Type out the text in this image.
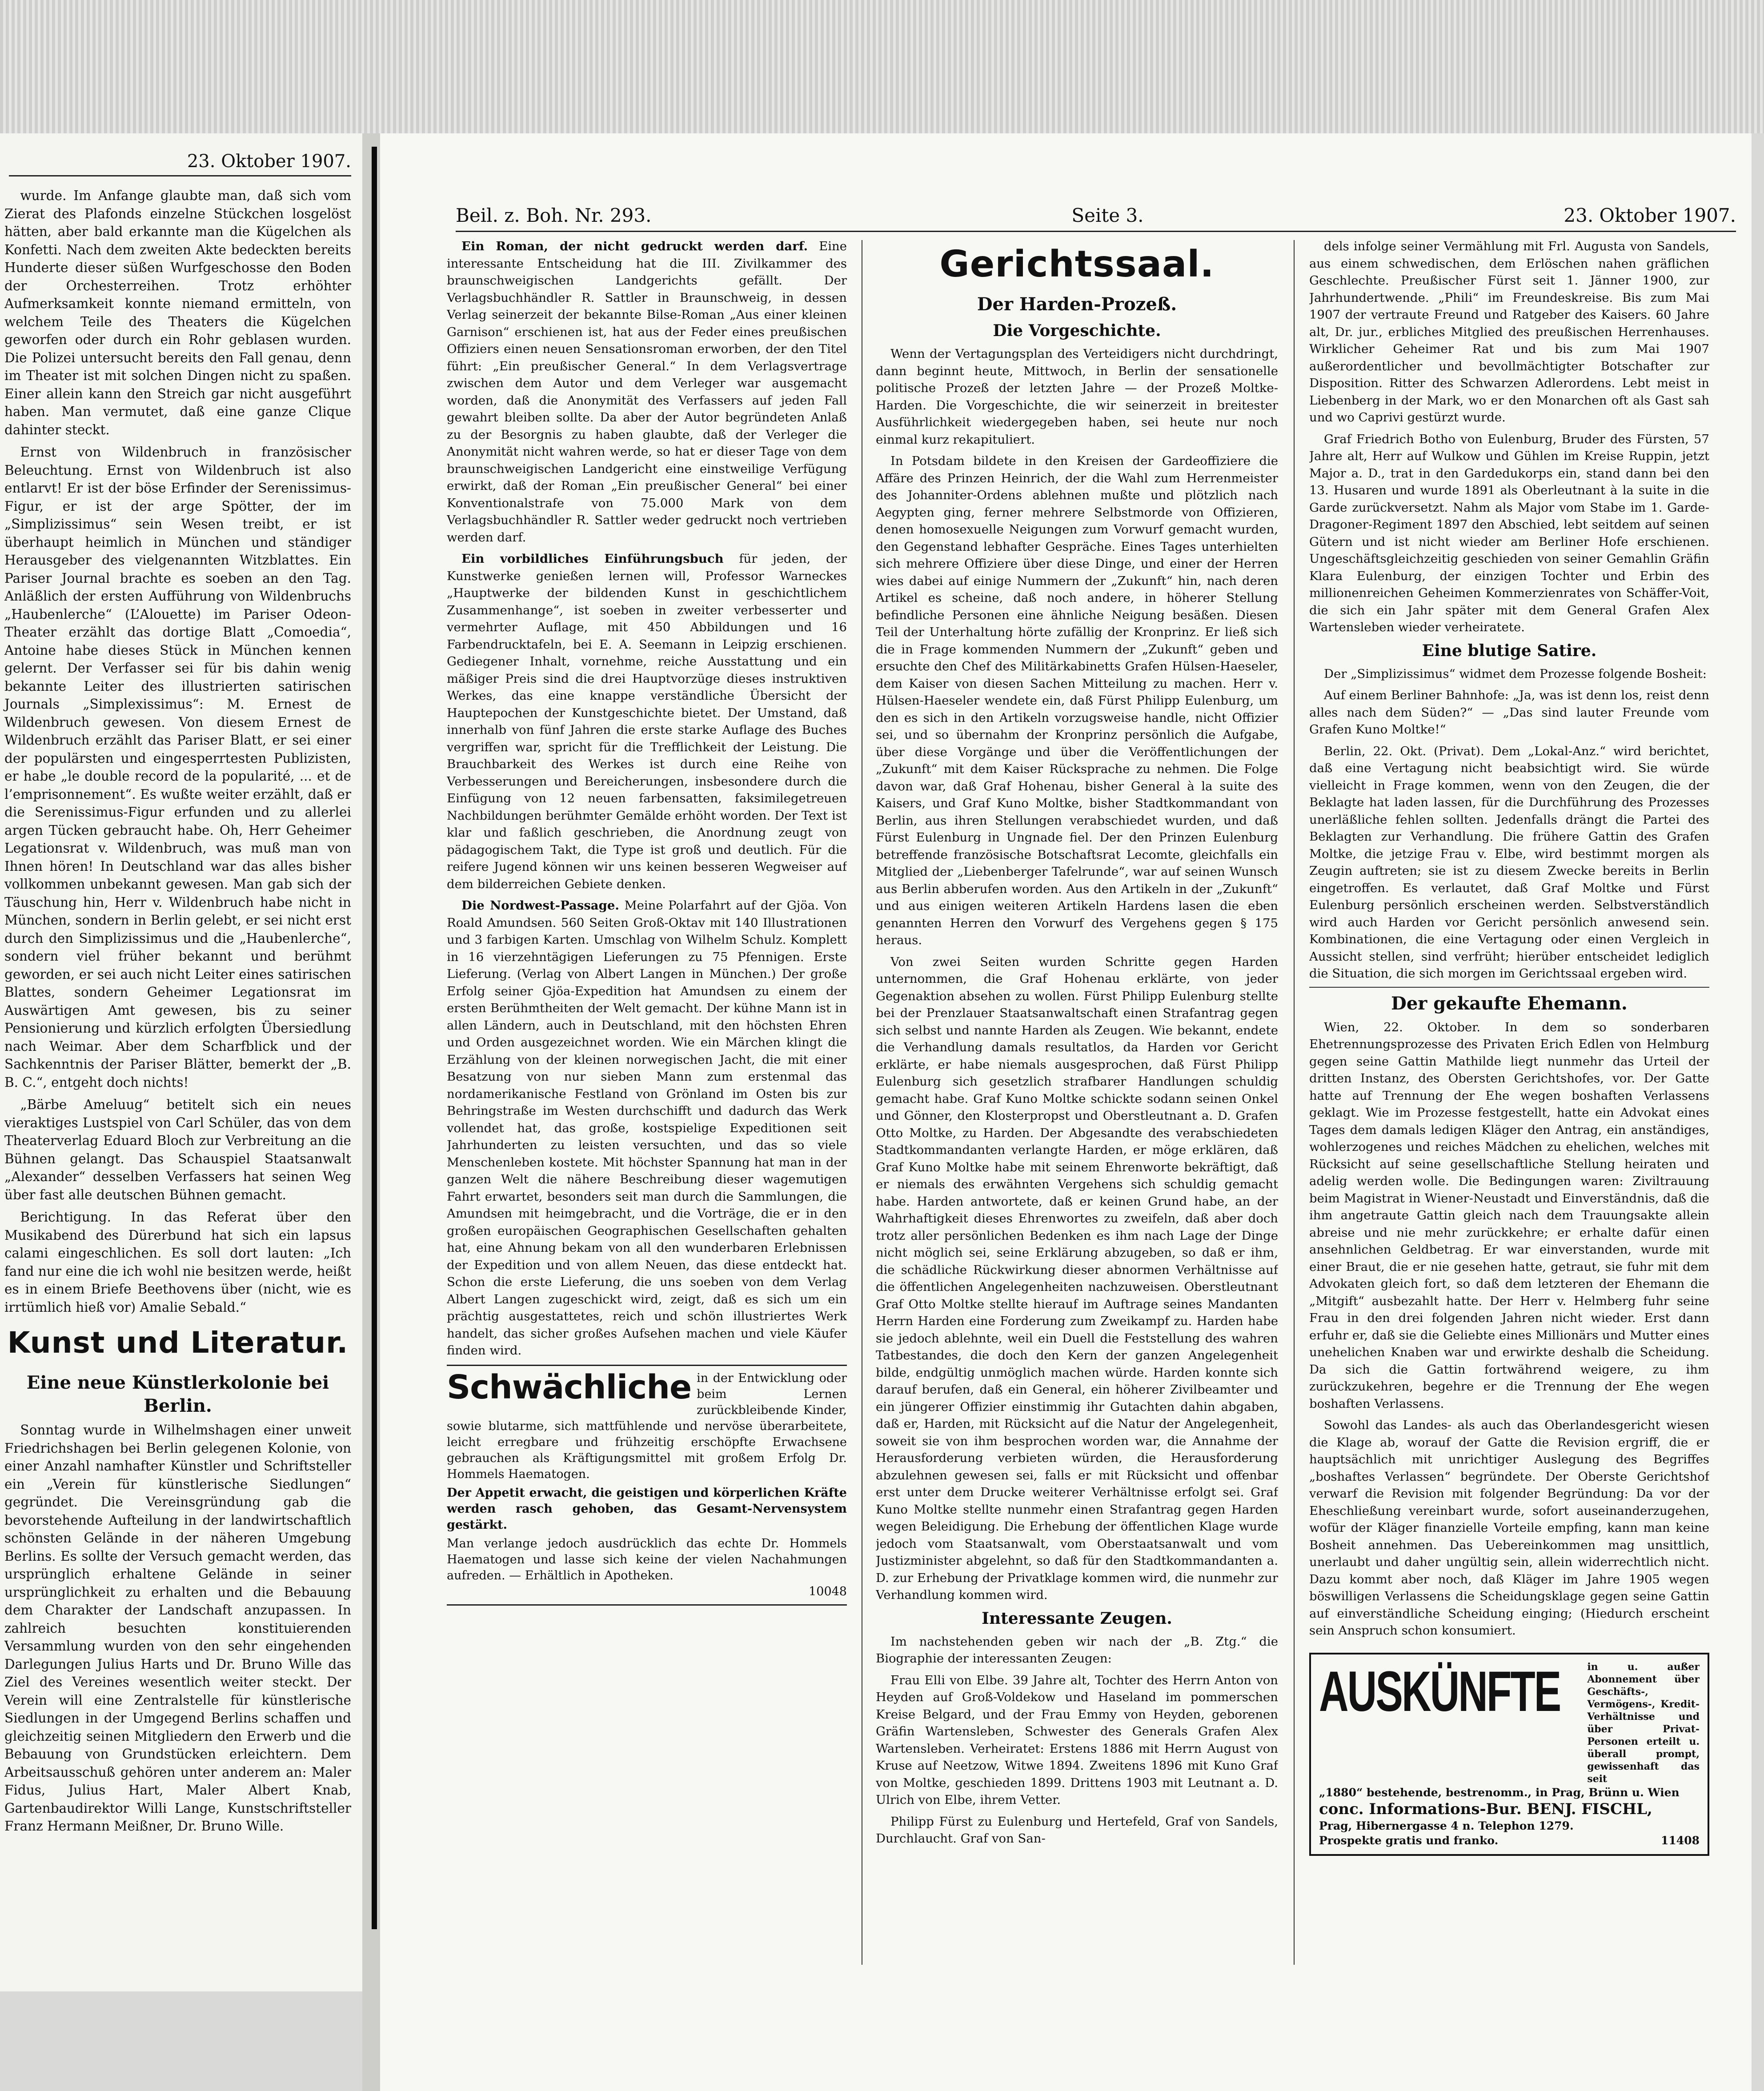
23. Oktober 1907.

wurde. Im Anfange glaubte man, daß sich vom Zierat des Plafonds einzelne Stückchen losgelöst hätten, aber bald erkannte man die Kügelchen als Konfetti. Nach dem zweiten Akte bedeckten bereits Hunderte dieser süßen Wurfgeschosse den Boden der Orchesterreihen. Trotz erhöhter Aufmerksamkeit konnte niemand ermitteln, von welchem Teile des Theaters die Kügelchen geworfen oder durch ein Rohr geblasen wurden. Die Polizei untersucht bereits den Fall genau, denn im Theater ist mit solchen Dingen nicht zu spaßen. Einer allein kann den Streich gar nicht ausgeführt haben. Man vermutet, daß eine ganze Clique dahinter steckt.

Ernst von Wildenbruch in französischer Beleuchtung. Ernst von Wildenbruch ist also entlarvt! Er ist der böse Erfinder der Serenissimus-Figur, er ist der arge Spötter, der im „Simplizissimus“ sein Wesen treibt, er ist überhaupt heimlich in München und ständiger Herausgeber des vielgenannten Witzblattes. Ein Pariser Journal brachte es soeben an den Tag. Anläßlich der ersten Aufführung von Wildenbruchs „Haubenlerche“ (L’Alouette) im Pariser Odeon-Theater erzählt das dortige Blatt „Comoedia“, Antoine habe dieses Stück in München kennen gelernt. Der Verfasser sei für bis dahin wenig bekannte Leiter des illustrierten satirischen Journals „Simplexissimus“: M. Ernest de Wildenbruch gewesen. Von diesem Ernest de Wildenbruch erzählt das Pariser Blatt, er sei einer der populärsten und eingesperrtesten Publizisten, er habe „le double record de la popularité, ... et de l’emprisonnement“. Es wußte weiter erzählt, daß er die Serenissimus-Figur erfunden und zu allerlei argen Tücken gebraucht habe. Oh, Herr Geheimer Legationsrat v. Wildenbruch, was muß man von Ihnen hören! In Deutschland war das alles bisher vollkommen unbekannt gewesen. Man gab sich der Täuschung hin, Herr v. Wildenbruch habe nicht in München, sondern in Berlin gelebt, er sei nicht erst durch den Simplizissimus und die „Haubenlerche“, sondern viel früher bekannt und berühmt geworden, er sei auch nicht Leiter eines satirischen Blattes, sondern Geheimer Legationsrat im Auswärtigen Amt gewesen, bis zu seiner Pensionierung und kürzlich erfolgten Übersiedlung nach Weimar. Aber dem Scharfblick und der Sachkenntnis der Pariser Blätter, bemerkt der „B. B. C.“, entgeht doch nichts!

„Bärbe Ameluug“ betitelt sich ein neues vieraktiges Lustspiel von Carl Schüler, das von dem Theaterverlag Eduard Bloch zur Verbreitung an die Bühnen gelangt. Das Schauspiel Staatsanwalt „Alexander“ desselben Verfassers hat seinen Weg über fast alle deutschen Bühnen gemacht.

Berichtigung. In das Referat über den Musikabend des Dürerbund hat sich ein lapsus calami eingeschlichen. Es soll dort lauten: „Ich fand nur eine die ich wohl nie besitzen werde, heißt es in einem Briefe Beethovens über (nicht, wie es irrtümlich hieß vor) Amalie Sebald.“

Kunst und Literatur.
Eine neue Künstlerkolonie bei Berlin.

Sonntag wurde in Wilhelmshagen einer unweit Friedrichshagen bei Berlin gelegenen Kolonie, von einer Anzahl namhafter Künstler und Schriftsteller ein „Verein für künstlerische Siedlungen“ gegründet. Die Vereinsgründung gab die bevorstehende Aufteilung in der landwirtschaftlich schönsten Gelände in der näheren Umgebung Berlins. Es sollte der Versuch gemacht werden, das ursprünglich erhaltene Gelände in seiner ursprünglichkeit zu erhalten und die Bebauung dem Charakter der Landschaft anzupassen. In zahlreich besuchten konstituierenden Versammlung wurden von den sehr eingehenden Darlegungen Julius Harts und Dr. Bruno Wille das Ziel des Vereines wesentlich weiter steckt. Der Verein will eine Zentralstelle für künstlerische Siedlungen in der Umgegend Berlins schaffen und gleichzeitig seinen Mitgliedern den Erwerb und die Bebauung von Grundstücken erleichtern. Dem Arbeitsausschuß gehören unter anderem an: Maler Fidus, Julius Hart, Maler Albert Knab, Gartenbaudirektor Willi Lange, Kunstschriftsteller Franz Hermann Meißner, Dr. Bruno Wille.

Beil. z. Boh. Nr. 293.	Seite 3.	23. Oktober 1907.

Ein Roman, der nicht gedruckt werden darf. Eine interessante Entscheidung hat die III. Zivilkammer des braunschweigischen Landgerichts gefällt. Der Verlagsbuchhändler R. Sattler in Braunschweig, in dessen Verlag seinerzeit der bekannte Bilse-Roman „Aus einer kleinen Garnison“ erschienen ist, hat aus der Feder eines preußischen Offiziers einen neuen Sensationsroman erworben, der den Titel führt: „Ein preußischer General.“ In dem Verlagsvertrage zwischen dem Autor und dem Verleger war ausgemacht worden, daß die Anonymität des Verfassers auf jeden Fall gewahrt bleiben sollte. Da aber der Autor begründeten Anlaß zu der Besorgnis zu haben glaubte, daß der Verleger die Anonymität nicht wahren werde, so hat er dieser Tage von dem braunschweigischen Landgericht eine einstweilige Verfügung erwirkt, daß der Roman „Ein preußischer General“ bei einer Konventionalstrafe von 75.000 Mark von dem Verlagsbuchhändler R. Sattler weder gedruckt noch vertrieben werden darf.

Ein vorbildliches Einführungsbuch für jeden, der Kunstwerke genießen lernen will, Professor Warneckes „Hauptwerke der bildenden Kunst in geschichtlichem Zusammenhange“, ist soeben in zweiter verbesserter und vermehrter Auflage, mit 450 Abbildungen und 16 Farbendrucktafeln, bei E. A. Seemann in Leipzig erschienen. Gediegener Inhalt, vornehme, reiche Ausstattung und ein mäßiger Preis sind die drei Hauptvorzüge dieses instruktiven Werkes, das eine knappe verständliche Übersicht der Hauptepochen der Kunstgeschichte bietet. Der Umstand, daß innerhalb von fünf Jahren die erste starke Auflage des Buches vergriffen war, spricht für die Trefflichkeit der Leistung. Die Brauchbarkeit des Werkes ist durch eine Reihe von Verbesserungen und Bereicherungen, insbesondere durch die Einfügung von 12 neuen farbensatten, faksimilegetreuen Nachbildungen berühmter Gemälde erhöht worden. Der Text ist klar und faßlich geschrieben, die Anordnung zeugt von pädagogischem Takt, die Type ist groß und deutlich. Für die reifere Jugend können wir uns keinen besseren Wegweiser auf dem bilderreichen Gebiete denken.

Die Nordwest-Passage. Meine Polarfahrt auf der Gjöa. Von Roald Amundsen. 560 Seiten Groß-Oktav mit 140 Illustrationen und 3 farbigen Karten. Umschlag von Wilhelm Schulz. Komplett in 16 vierzehntägigen Lieferungen zu 75 Pfennigen. Erste Lieferung. (Verlag von Albert Langen in München.) Der große Erfolg seiner Gjöa-Expedition hat Amundsen zu einem der ersten Berühmtheiten der Welt gemacht. Der kühne Mann ist in allen Ländern, auch in Deutschland, mit den höchsten Ehren und Orden ausgezeichnet worden. Wie ein Märchen klingt die Erzählung von der kleinen norwegischen Jacht, die mit einer Besatzung von nur sieben Mann zum erstenmal das nordamerikanische Festland von Grönland im Osten bis zur Behringstraße im Westen durchschifft und dadurch das Werk vollendet hat, das große, kostspielige Expeditionen seit Jahrhunderten zu leisten versuchten, und das so viele Menschenleben kostete. Mit höchster Spannung hat man in der ganzen Welt die nähere Beschreibung dieser wagemutigen Fahrt erwartet, besonders seit man durch die Sammlungen, die Amundsen mit heimgebracht, und die Vorträge, die er in den großen europäischen Geographischen Gesellschaften gehalten hat, eine Ahnung bekam von all den wunderbaren Erlebnissen der Expedition und von allem Neuen, das diese entdeckt hat. Schon die erste Lieferung, die uns soeben von dem Verlag Albert Langen zugeschickt wird, zeigt, daß es sich um ein prächtig ausgestattetes, reich und schön illustriertes Werk handelt, das sicher großes Aufsehen machen und viele Käufer finden wird.

Schwächliche in der Entwicklung oder beim Lernen zurückbleibende Kinder, sowie blutarme, sich mattfühlende und nervöse überarbeitete, leicht erregbare und frühzeitig erschöpfte Erwachsene gebrauchen als Kräftigungsmittel mit großem Erfolg Dr. Hommels Haematogen.
Der Appetit erwacht, die geistigen und körperlichen Kräfte werden rasch gehoben, das Gesamt-Nervensystem gestärkt.
Man verlange jedoch ausdrücklich das echte Dr. Hommels Haematogen und lasse sich keine der vielen Nachahmungen aufreden. — Erhältlich in Apotheken.
10048
Gerichtssaal.
Der Harden-Prozeß.
Die Vorgeschichte.

Wenn der Vertagungsplan des Verteidigers nicht durchdringt, dann beginnt heute, Mittwoch, in Berlin der sensationelle politische Prozeß der letzten Jahre — der Prozeß Moltke-Harden. Die Vorgeschichte, die wir seinerzeit in breitester Ausführlichkeit wiedergegeben haben, sei heute nur noch einmal kurz rekapituliert.

In Potsdam bildete in den Kreisen der Gardeoffiziere die Affäre des Prinzen Heinrich, der die Wahl zum Herrenmeister des Johanniter-Ordens ablehnen mußte und plötzlich nach Aegypten ging, ferner mehrere Selbstmorde von Offizieren, denen homosexuelle Neigungen zum Vorwurf gemacht wurden, den Gegenstand lebhafter Gespräche. Eines Tages unterhielten sich mehrere Offiziere über diese Dinge, und einer der Herren wies dabei auf einige Nummern der „Zukunft“ hin, nach deren Artikel es scheine, daß noch andere, in höherer Stellung befindliche Personen eine ähnliche Neigung besäßen. Diesen Teil der Unterhaltung hörte zufällig der Kronprinz. Er ließ sich die in Frage kommenden Nummern der „Zukunft“ geben und ersuchte den Chef des Militärkabinetts Grafen Hülsen-Haeseler, dem Kaiser von diesen Sachen Mitteilung zu machen. Herr v. Hülsen-Haeseler wendete ein, daß Fürst Philipp Eulenburg, um den es sich in den Artikeln vorzugsweise handle, nicht Offizier sei, und so übernahm der Kronprinz persönlich die Aufgabe, über diese Vorgänge und über die Veröffentlichungen der „Zukunft“ mit dem Kaiser Rücksprache zu nehmen. Die Folge davon war, daß Graf Hohenau, bisher General à la suite des Kaisers, und Graf Kuno Moltke, bisher Stadtkommandant von Berlin, aus ihren Stellungen verabschiedet wurden, und daß Fürst Eulenburg in Ungnade fiel. Der den Prinzen Eulenburg betreffende französische Botschaftsrat Lecomte, gleichfalls ein Mitglied der „Liebenberger Tafelrunde“, war auf seinen Wunsch aus Berlin abberufen worden. Aus den Artikeln in der „Zukunft“ und aus einigen weiteren Artikeln Hardens lasen die eben genannten Herren den Vorwurf des Vergehens gegen § 175 heraus.

Von zwei Seiten wurden Schritte gegen Harden unternommen, die Graf Hohenau erklärte, von jeder Gegenaktion absehen zu wollen. Fürst Philipp Eulenburg stellte bei der Prenzlauer Staatsanwaltschaft einen Strafantrag gegen sich selbst und nannte Harden als Zeugen. Wie bekannt, endete die Verhandlung damals resultatlos, da Harden vor Gericht erklärte, er habe niemals ausgesprochen, daß Fürst Philipp Eulenburg sich gesetzlich strafbarer Handlungen schuldig gemacht habe. Graf Kuno Moltke schickte sodann seinen Onkel und Gönner, den Klosterpropst und Oberstleutnant a. D. Grafen Otto Moltke, zu Harden. Der Abgesandte des verabschiedeten Stadtkommandanten verlangte Harden, er möge erklären, daß Graf Kuno Moltke habe mit seinem Ehrenworte bekräftigt, daß er niemals des erwähnten Vergehens sich schuldig gemacht habe. Harden antwortete, daß er keinen Grund habe, an der Wahrhaftigkeit dieses Ehrenwortes zu zweifeln, daß aber doch trotz aller persönlichen Bedenken es ihm nach Lage der Dinge nicht möglich sei, seine Erklärung abzugeben, so daß er ihm, die schädliche Rückwirkung dieser abnormen Verhältnisse auf die öffentlichen Angelegenheiten nachzuweisen. Oberstleutnant Graf Otto Moltke stellte hierauf im Auftrage seines Mandanten Herrn Harden eine Forderung zum Zweikampf zu. Harden habe sie jedoch ablehnte, weil ein Duell die Feststellung des wahren Tatbestandes, die doch den Kern der ganzen Angelegenheit bilde, endgültig unmöglich machen würde. Harden konnte sich darauf berufen, daß ein General, ein höherer Zivilbeamter und ein jüngerer Offizier einstimmig ihr Gutachten dahin abgaben, daß er, Harden, mit Rücksicht auf die Natur der Angelegenheit, soweit sie von ihm besprochen worden war, die Annahme der Herausforderung verbieten würden, die Herausforderung abzulehnen gewesen sei, falls er mit Rücksicht und offenbar erst unter dem Drucke weiterer Verhältnisse erfolgt sei. Graf Kuno Moltke stellte nunmehr einen Strafantrag gegen Harden wegen Beleidigung. Die Erhebung der öffentlichen Klage wurde jedoch vom Staatsanwalt, vom Oberstaatsanwalt und vom Justizminister abgelehnt, so daß für den Stadtkommandanten a. D. zur Erhebung der Privatklage kommen wird, die nunmehr zur Verhandlung kommen wird.

Interessante Zeugen.

Im nachstehenden geben wir nach der „B. Ztg.“ die Biographie der interessanten Zeugen:

Frau Elli von Elbe. 39 Jahre alt, Tochter des Herrn Anton von Heyden auf Groß-Voldekow und Haseland im pommerschen Kreise Belgard, und der Frau Emmy von Heyden, geborenen Gräfin Wartensleben, Schwester des Generals Grafen Alex Wartensleben. Verheiratet: Erstens 1886 mit Herrn August von Kruse auf Neetzow, Witwe 1894. Zweitens 1896 mit Kuno Graf von Moltke, geschieden 1899. Drittens 1903 mit Leutnant a. D. Ulrich von Elbe, ihrem Vetter.

Philipp Fürst zu Eulenburg und Hertefeld, Graf von Sandels, Durchlaucht. Graf von San-

dels infolge seiner Vermählung mit Frl. Augusta von Sandels, aus einem schwedischen, dem Erlöschen nahen gräflichen Geschlechte. Preußischer Fürst seit 1. Jänner 1900, zur Jahrhundertwende. „Phili“ im Freundeskreise. Bis zum Mai 1907 der vertraute Freund und Ratgeber des Kaisers. 60 Jahre alt, Dr. jur., erbliches Mitglied des preußischen Herrenhauses. Wirklicher Geheimer Rat und bis zum Mai 1907 außerordentlicher und bevollmächtigter Botschafter zur Disposition. Ritter des Schwarzen Adlerordens. Lebt meist in Liebenberg in der Mark, wo er den Monarchen oft als Gast sah und wo Caprivi gestürzt wurde.

Graf Friedrich Botho von Eulenburg, Bruder des Fürsten, 57 Jahre alt, Herr auf Wulkow und Gühlen im Kreise Ruppin, jetzt Major a. D., trat in den Gardedukorps ein, stand dann bei den 13. Husaren und wurde 1891 als Oberleutnant à la suite in die Garde zurückversetzt. Nahm als Major vom Stabe im 1. Garde-Dragoner-Regiment 1897 den Abschied, lebt seitdem auf seinen Gütern und ist nicht wieder am Berliner Hofe erschienen. Ungeschäftsgleichzeitig geschieden von seiner Gemahlin Gräfin Klara Eulenburg, der einzigen Tochter und Erbin des millionenreichen Geheimen Kommerzienrates von Schäffer-Voit, die sich ein Jahr später mit dem General Grafen Alex Wartensleben wieder verheiratete.

Eine blutige Satire.

Der „Simplizissimus“ widmet dem Prozesse folgende Bosheit:

Auf einem Berliner Bahnhofe: „Ja, was ist denn los, reist denn alles nach dem Süden?“ — „Das sind lauter Freunde vom Grafen Kuno Moltke!“

Berlin, 22. Okt. (Privat). Dem „Lokal-Anz.“ wird berichtet, daß eine Vertagung nicht beabsichtigt wird. Sie würde vielleicht in Frage kommen, wenn von den Zeugen, die der Beklagte hat laden lassen, für die Durchführung des Prozesses unerläßliche fehlen sollten. Jedenfalls drängt die Partei des Beklagten zur Verhandlung. Die frühere Gattin des Grafen Moltke, die jetzige Frau v. Elbe, wird bestimmt morgen als Zeugin auftreten; sie ist zu diesem Zwecke bereits in Berlin eingetroffen. Es verlautet, daß Graf Moltke und Fürst Eulenburg persönlich erscheinen werden. Selbstverständlich wird auch Harden vor Gericht persönlich anwesend sein. Kombinationen, die eine Vertagung oder einen Vergleich in Aussicht stellen, sind verfrüht; hierüber entscheidet lediglich die Situation, die sich morgen im Gerichtssaal ergeben wird.

Der gekaufte Ehemann.

Wien, 22. Oktober. In dem so sonderbaren Ehetrennungsprozesse des Privaten Erich Edlen von Helmburg gegen seine Gattin Mathilde liegt nunmehr das Urteil der dritten Instanz, des Obersten Gerichtshofes, vor. Der Gatte hatte auf Trennung der Ehe wegen boshaften Verlassens geklagt. Wie im Prozesse festgestellt, hatte ein Advokat eines Tages dem damals ledigen Kläger den Antrag, ein anständiges, wohlerzogenes und reiches Mädchen zu ehelichen, welches mit Rücksicht auf seine gesellschaftliche Stellung heiraten und adelig werden wolle. Die Bedingungen waren: Ziviltrauung beim Magistrat in Wiener-Neustadt und Einverständnis, daß die ihm angetraute Gattin gleich nach dem Trauungsakte allein abreise und nie mehr zurückkehre; er erhalte dafür einen ansehnlichen Geldbetrag. Er war einverstanden, wurde mit einer Braut, die er nie gesehen hatte, getraut, sie fuhr mit dem Advokaten gleich fort, so daß dem letzteren der Ehemann die „Mitgift“ ausbezahlt hatte. Der Herr v. Helmberg fuhr seine Frau in den drei folgenden Jahren nicht wieder. Erst dann erfuhr er, daß sie die Geliebte eines Millionärs und Mutter eines unehelichen Knaben war und erwirkte deshalb die Scheidung. Da sich die Gattin fortwährend weigere, zu ihm zurückzukehren, begehre er die Trennung der Ehe wegen boshaften Verlassens.

Sowohl das Landes- als auch das Oberlandesgericht wiesen die Klage ab, worauf der Gatte die Revision ergriff, die er hauptsächlich mit unrichtiger Auslegung des Begriffes „boshaftes Verlassen“ begründete. Der Oberste Gerichtshof verwarf die Revision mit folgender Begründung: Da vor der Eheschließung vereinbart wurde, sofort auseinanderzugehen, wofür der Kläger finanzielle Vorteile empfing, kann man keine Bosheit annehmen. Das Uebereinkommen mag unsittlich, unerlaubt und daher ungültig sein, allein widerrechtlich nicht. Dazu kommt aber noch, daß Kläger im Jahre 1905 wegen böswilligen Verlassens die Scheidungsklage gegen seine Gattin auf einverständliche Scheidung einging; (Hiedurch erscheint sein Anspruch schon konsumiert.

AUSKÜNFTE	in u. außer Abonnement über Geschäfts-, Vermögens-, Kredit-Verhältnisse und über Privat-Personen erteilt u. überall prompt, gewissenhaft das seit
„1880“ bestehende, bestrenomm., in Prag, Brünn u. Wien
conc. Informations-Bur. BENJ. FISCHL,
Prag, Hibernergasse 4 n. Telephon 1279.
Prospekte gratis und franko.	11408
